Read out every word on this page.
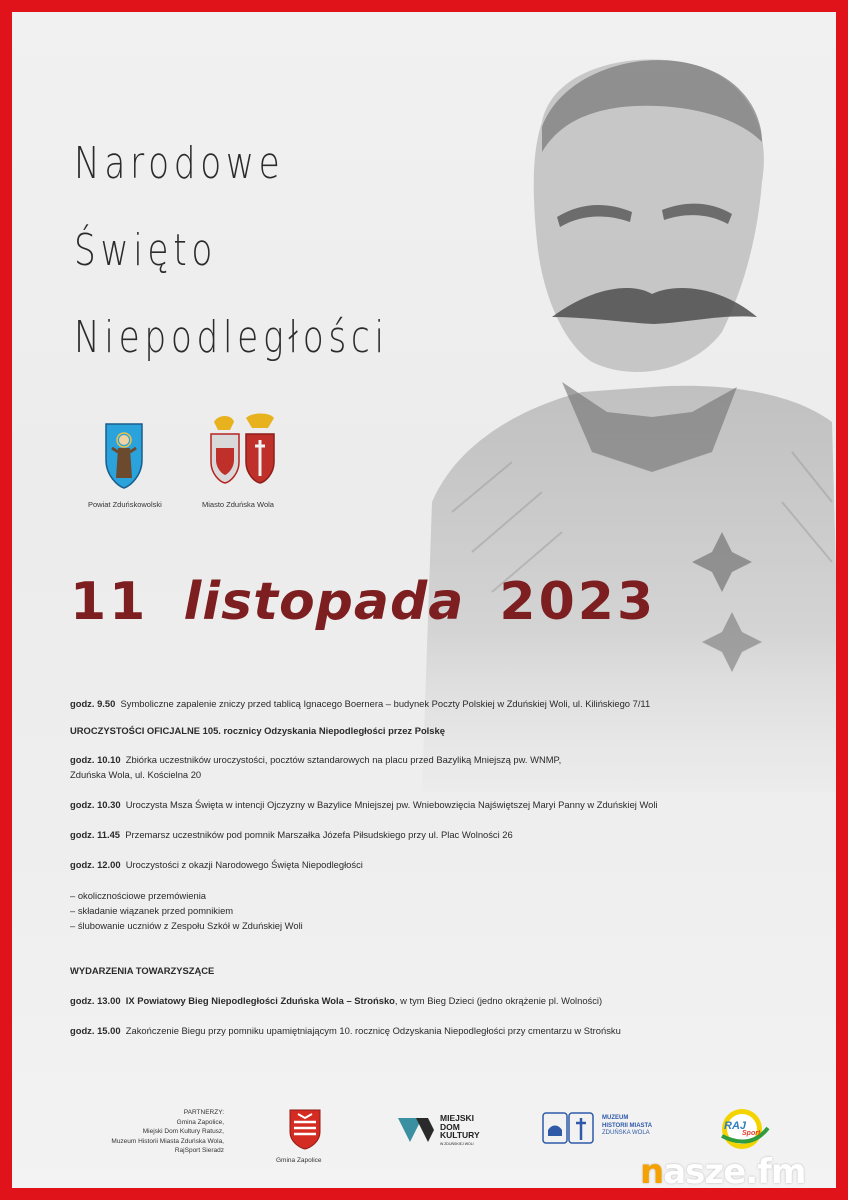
Narodowe
Święto
Niepodległości
Powiat Zduńskowolski	Miasto Zduńska Wola
11 listopada 2023
godz. 9.50 Symboliczne zapalenie zniczy przed tablicą Ignacego Boernera – budynek Poczty Polskiej w Zduńskiej Woli, ul. Kilińskiego 7/11
UROCZYSTOŚCI OFICJALNE 105. rocznicy Odzyskania Niepodległości przez Polskę
godz. 10.10 Zbiórka uczestników uroczystości, pocztów sztandarowych na placu przed Bazyliką Mniejszą pw. WNMP,
Zduńska Wola, ul. Kościelna 20
godz. 10.30 Uroczysta Msza Święta w intencji Ojczyzny w Bazylice Mniejszej pw. Wniebowzięcia Najświętszej Maryi Panny w Zduńskiej Woli
godz. 11.45 Przemarsz uczestników pod pomnik Marszałka Józefa Piłsudskiego przy ul. Plac Wolności 26
godz. 12.00 Uroczystości z okazji Narodowego Święta Niepodległości
– okolicznościowe przemówienia
– składanie wiązanek przed pomnikiem
– ślubowanie uczniów z Zespołu Szkół w Zduńskiej Woli
WYDARZENIA TOWARZYSZĄCE
godz. 13.00 IX Powiatowy Bieg Niepodległości Zduńska Wola – Strońsko, w tym Bieg Dzieci (jedno okrążenie pl. Wolności)
godz. 15.00 Zakończenie Biegu przy pomniku upamiętniającym 10. rocznicę Odzyskania Niepodległości przy cmentarzu w Strońsku
PARTNERZY:
Gmina Zapolice,
Miejski Dom Kultury Ratusz,
Muzeum Historii Miasta Zduńska Wola,
RajSport Sieradz
Gmina Zapolice
MIEJSKI
DOM
KULTURY
W ZDUŃSKIEJ WOLI
MUZEUM
HISTORII MIASTA
ZDUŃSKA WOLA
RAJ
Sport
nasze.fm
